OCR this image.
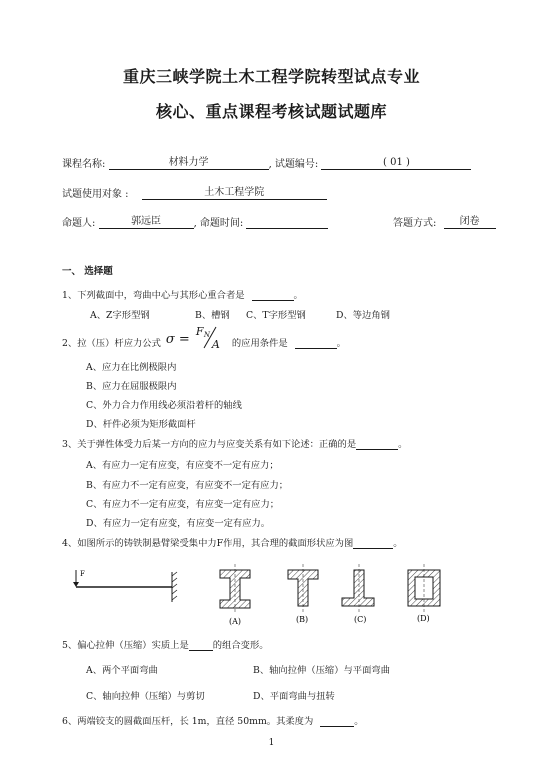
重庆三峡学院土木工程学院转型试点专业
核心、重点课程考核试题试题库
课程名称:	材料力学	, 试题编号:	( 01 )
试题使用对象 :	土木工程学院
命题人:	郭远臣	, 命题时间:	答题方式: 闭卷
一、 选择题
1、下列截面中，弯曲中心与其形心重合者是	。
A、Z字形型钢	B、槽钢 C、T字形型钢	D、等边角钢
2、拉（压）杆应力公式 σ =
F N
A 的应用条件是	。
A、应力在比例极限内
B、应力在屈服极限内
C、外力合力作用线必须沿着杆的轴线
D、杆件必须为矩形截面杆
3、关于弹性体受力后某一方向的应力与应变关系有如下论述：正确的是	。
A、有应力一定有应变，有应变不一定有应力；
B、有应力不一定有应变，有应变不一定有应力；
C、有应力不一定有应变，有应变一定有应力；
D、有应力一定有应变，有应变一定有应力。
4、如图所示的铸铁制悬臂梁受集中力F作用，其合理的截面形状应为图	。
F
(A)	(B)	(C)	(D)
5、偏心拉伸（压缩）实质上是	的组合变形。
A、两个平面弯曲	B、轴向拉伸（压缩）与平面弯曲
C、轴向拉伸（压缩）与剪切	D、平面弯曲与扭转
6、两端铰支的圆截面压杆，长 1m，直径 50mm。其柔度为	。
1
